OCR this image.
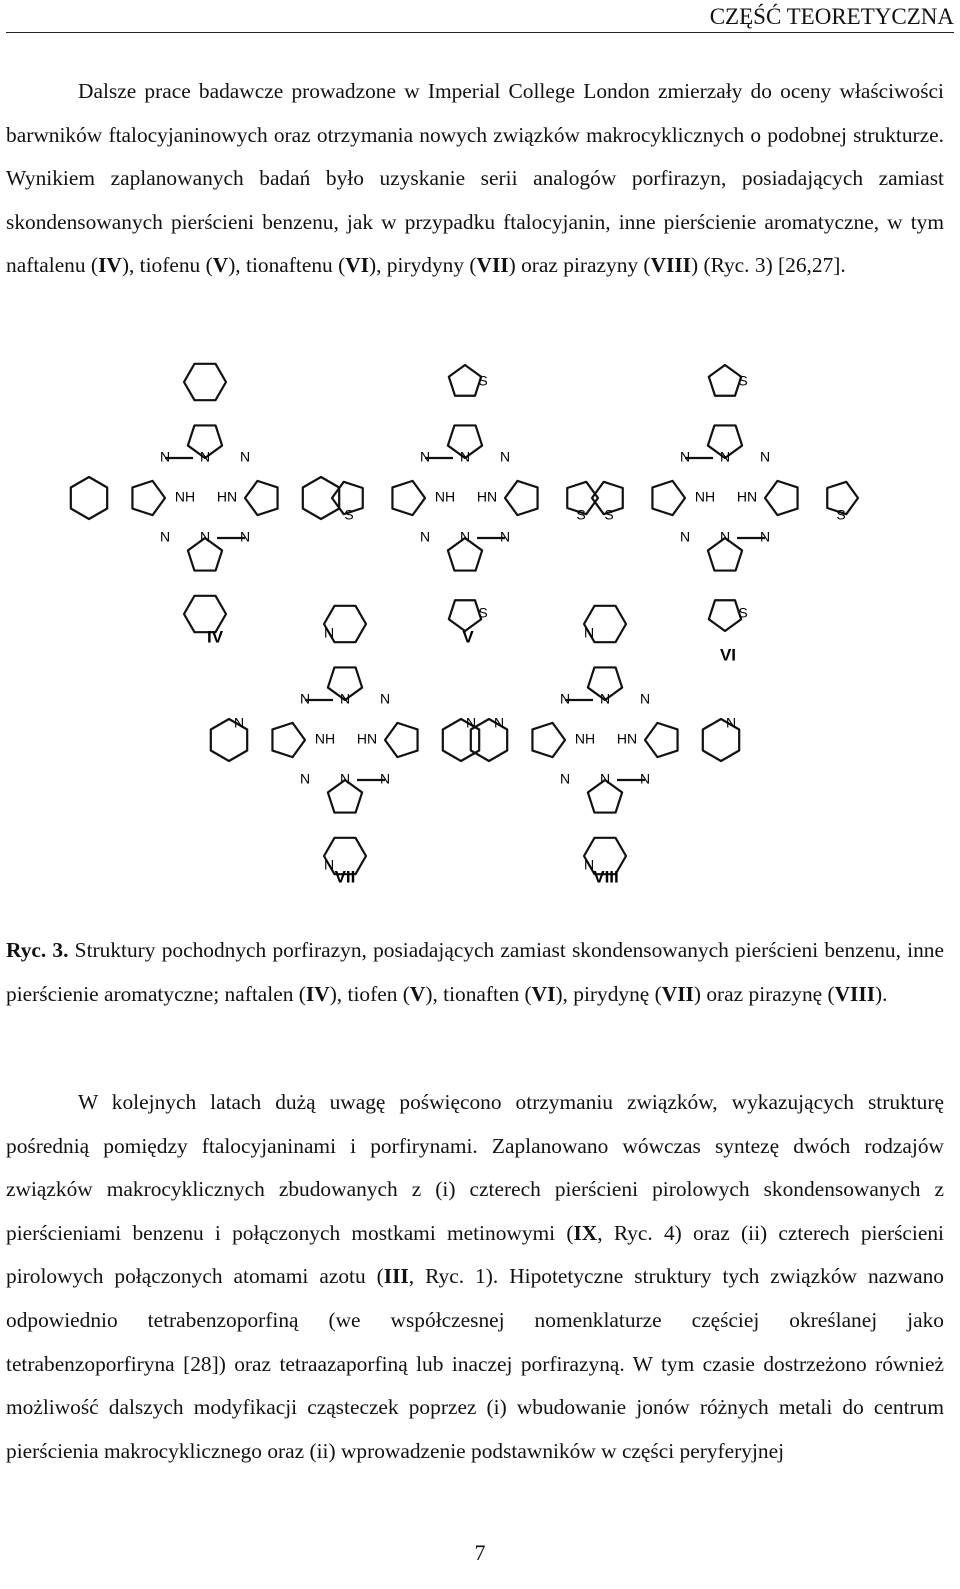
CZĘŚĆ TEORETYCZNA
Dalsze prace badawcze prowadzone w Imperial College London zmierzały do oceny właściwości barwników ftalocyjaninowych oraz otrzymania nowych związków makrocyklicznych o podobnej strukturze. Wynikiem zaplanowanych badań było uzyskanie serii analogów porfirazyn, posiadających zamiast skondensowanych pierścieni benzenu, jak w przypadku ftalocyjanin, inne pierścienie aromatyczne, w tym naftalenu (IV), tiofenu (V), tionaftenu (VI), pirydyny (VII) oraz pirazyny (VIII) (Ryc. 3) [26,27].
N	N
N	N
N
N
NH HN
S
S
S	S
N	N
N	N
N
N
NH HN
S
S
S	S
N	N
N	N
N
N
NH HN
N
N
N	N
N	N
N	N
N
N
NH HN
N
N
N	N
N	N
N	N
N
N
NH HN
IV	V
VI
VII	VIII
Ryc. 3. Struktury pochodnych porfirazyn, posiadających zamiast skondensowanych pierścieni benzenu, inne pierścienie aromatyczne; naftalen (IV), tiofen (V), tionaften (VI), pirydynę (VII) oraz pirazynę (VIII).
W kolejnych latach dużą uwagę poświęcono otrzymaniu związków, wykazujących strukturę pośrednią pomiędzy ftalocyjaninami i porfirynami. Zaplanowano wówczas syntezę dwóch rodzajów związków makrocyklicznych zbudowanych z (i) czterech pierścieni pirolowych skondensowanych z pierścieniami benzenu i połączonych mostkami metinowymi (IX, Ryc. 4) oraz (ii) czterech pierścieni pirolowych połączonych atomami azotu (III, Ryc. 1). Hipotetyczne struktury tych związków nazwano odpowiednio tetrabenzoporfiną (we współczesnej nomenklaturze częściej określanej jako tetrabenzoporfiryna [28]) oraz tetraazaporfiną lub inaczej porfirazyną. W tym czasie dostrzeżono również możliwość dalszych modyfikacji cząsteczek poprzez (i) wbudowanie jonów różnych metali do centrum pierścienia makrocyklicznego oraz (ii) wprowadzenie podstawników w części peryferyjnej
7
